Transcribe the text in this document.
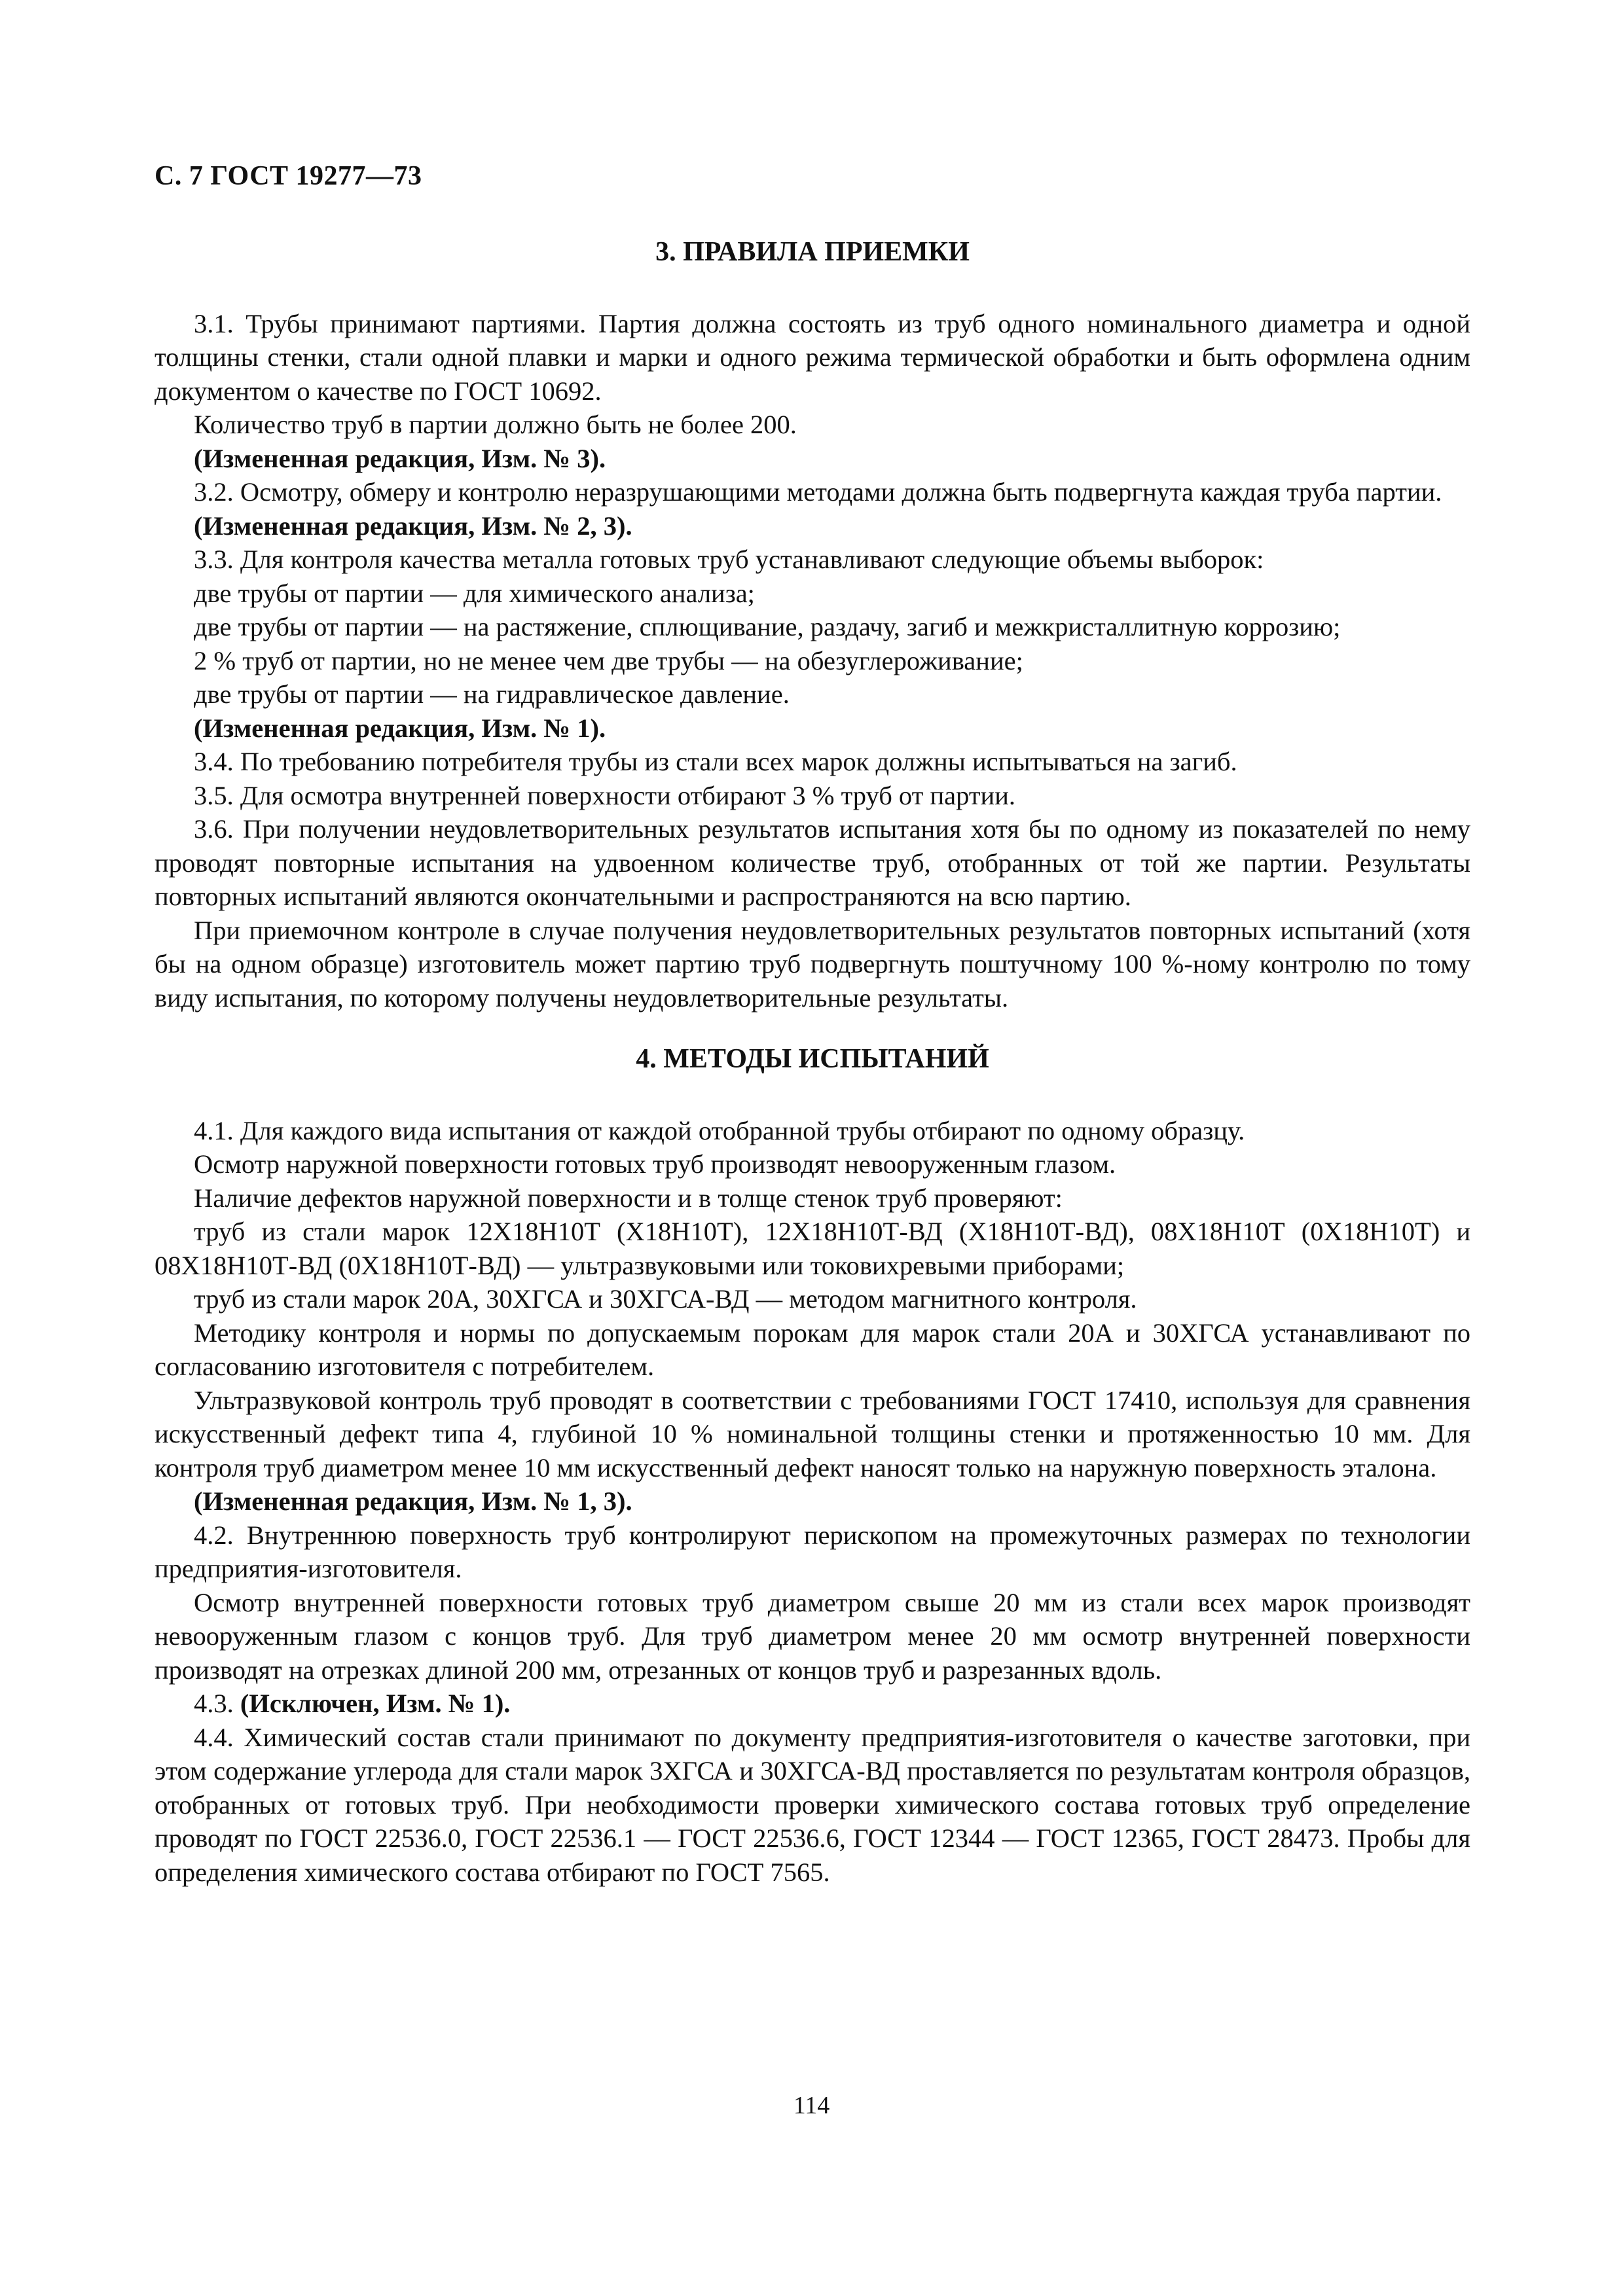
С. 7 ГОСТ 19277—73
3. ПРАВИЛА ПРИЕМКИ

3.1. Трубы принимают партиями. Партия должна состоять из труб одного номинального диаметра и одной толщины стенки, стали одной плавки и марки и одного режима термической обработки и быть оформлена одним документом о качестве по ГОСТ 10692.

Количество труб в партии должно быть не более 200.

(Измененная редакция, Изм. № 3).

3.2. Осмотру, обмеру и контролю неразрушающими методами должна быть подвергнута каждая труба партии.

(Измененная редакция, Изм. № 2, 3).

3.3. Для контроля качества металла готовых труб устанавливают следующие объемы выборок:

две трубы от партии — для химического анализа;

две трубы от партии — на растяжение, сплющивание, раздачу, загиб и межкристаллитную коррозию;

2 % труб от партии, но не менее чем две трубы — на обезуглероживание;

две трубы от партии — на гидравлическое давление.

(Измененная редакция, Изм. № 1).

3.4. По требованию потребителя трубы из стали всех марок должны испытываться на загиб.

3.5. Для осмотра внутренней поверхности отбирают 3 % труб от партии.

3.6. При получении неудовлетворительных результатов испытания хотя бы по одному из показателей по нему проводят повторные испытания на удвоенном количестве труб, отобранных от той же партии. Результаты повторных испытаний являются окончательными и распространяются на всю партию.

При приемочном контроле в случае получения неудовлетворительных результатов повторных испытаний (хотя бы на одном образце) изготовитель может партию труб подвергнуть поштучному 100 %-ному контролю по тому виду испытания, по которому получены неудовлетворительные результаты.

4. МЕТОДЫ ИСПЫТАНИЙ

4.1. Для каждого вида испытания от каждой отобранной трубы отбирают по одному образцу.

Осмотр наружной поверхности готовых труб производят невооруженным глазом.

Наличие дефектов наружной поверхности и в толще стенок труб проверяют:

труб из стали марок 12Х18Н10Т (Х18Н10Т), 12Х18Н10Т-ВД (Х18Н10Т-ВД), 08Х18Н10Т (0Х18Н10Т) и 08Х18Н10Т-ВД (0Х18Н10Т-ВД) — ультразвуковыми или токовихревыми приборами;

труб из стали марок 20А, 30ХГСА и 30ХГСА-ВД — методом магнитного контроля.

Методику контроля и нормы по допускаемым порокам для марок стали 20А и 30ХГСА устанавливают по согласованию изготовителя с потребителем.

Ультразвуковой контроль труб проводят в соответствии с требованиями ГОСТ 17410, используя для сравнения искусственный дефект типа 4, глубиной 10 % номинальной толщины стенки и протяженностью 10 мм. Для контроля труб диаметром менее 10 мм искусственный дефект наносят только на наружную поверхность эталона.

(Измененная редакция, Изм. № 1, 3).

4.2. Внутреннюю поверхность труб контролируют перископом на промежуточных размерах по технологии предприятия-изготовителя.

Осмотр внутренней поверхности готовых труб диаметром свыше 20 мм из стали всех марок производят невооруженным глазом с концов труб. Для труб диаметром менее 20 мм осмотр внутренней поверхности производят на отрезках длиной 200 мм, отрезанных от концов труб и разрезанных вдоль.

4.3. (Исключен, Изм. № 1).

4.4. Химический состав стали принимают по документу предприятия-изготовителя о качестве заготовки, при этом содержание углерода для стали марок 3ХГСА и 30ХГСА-ВД проставляется по результатам контроля образцов, отобранных от готовых труб. При необходимости проверки химического состава готовых труб определение проводят по ГОСТ 22536.0, ГОСТ 22536.1 — ГОСТ 22536.6, ГОСТ 12344 — ГОСТ 12365, ГОСТ 28473. Пробы для определения химического состава отбирают по ГОСТ 7565.

114
